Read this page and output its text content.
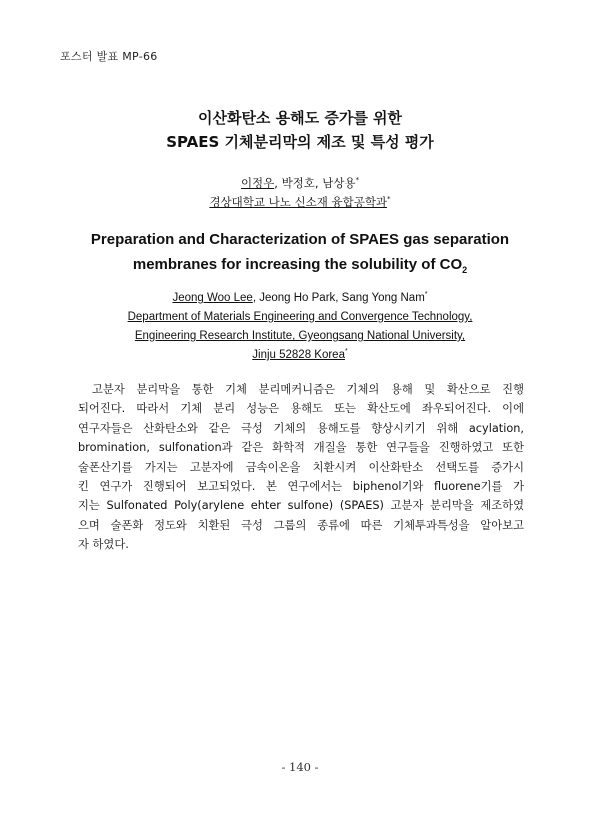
포스터 발표 MP-66
이산화탄소 용해도 증가를 위한
SPAES 기체분리막의 제조 및 특성 평가
이정우, 박정호, 남상용*
경상대학교 나노 신소재 융합공학과*
Preparation and Characterization of SPAES gas separation
membranes for increasing the solubility of $CO_2$
Jeong Woo Lee, Jeong Ho Park, Sang Yong Nam*
Department of Materials Engineering and Convergence Technology,
Engineering Research Institute, Gyeongsang National University,
Jinju 52828 Korea*
고분자 분리막을 통한 기체 분리메커니즘은 기체의 용해 및 확산으로 진행
되어진다. 따라서 기체 분리 성능은 용해도 또는 확산도에 좌우되어진다. 이에
연구자들은 산화탄소와 같은 극성 기체의 용해도를 향상시키기 위해 acylation,
bromination, sulfonation과 같은 화학적 개질을 통한 연구들을 진행하였고 또한
술폰산기를 가지는 고분자에 금속이온을 치환시켜 이산화탄소 선택도를 증가시
킨 연구가 진행되어 보고되었다. 본 연구에서는 biphenol기와 fluorene기를 가
지는 Sulfonated Poly(arylene ehter sulfone) (SPAES) 고분자 분리막을 제조하였
으며 술폰화 정도와 치환된 극성 그룹의 종류에 따른 기체투과특성을 알아보고
자 하였다.
- 140 -
